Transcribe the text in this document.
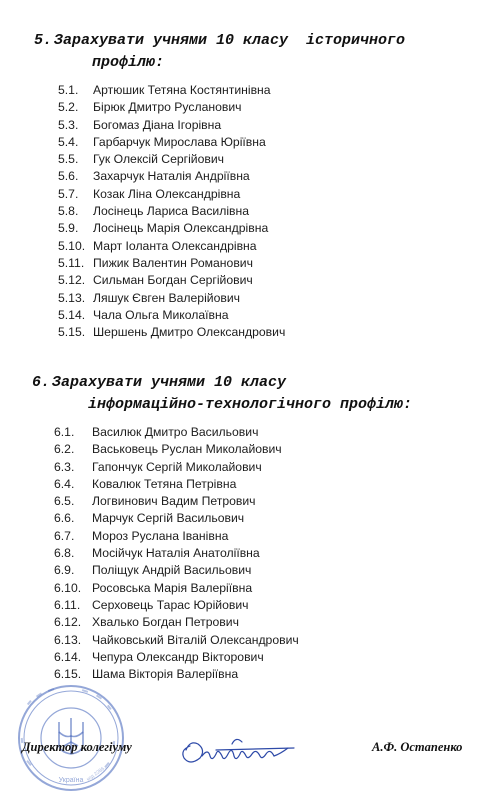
5. Зарахувати учнями 10 класу  історичного
профілю:

5.1. Артюшик Тетяна Костянтинівна
5.2. Бірюк Дмитро Русланович
5.3. Богомаз Діана Ігорівна
5.4. Гарбарчук Мирослава Юріївна
5.5. Гук Олексій Сергійович
5.6. Захарчук Наталія Андріївна
5.7. Козак Ліна Олександрівна
5.8. Лосінець Лариса Василівна
5.9. Лосінець Марія Олександрівна
5.10. Март Іоланта Олександрівна
5.11. Пижик Валентин Романович
5.12. Сильман Богдан Сергійович
5.13. Ляшук Євген Валерійович
5.14. Чала Ольга Миколаївна
5.15. Шершень Дмитро Олександрович

6. Зарахувати учнями 10 класу
інформаційно-технологічного профілю:

6.1. Василюк Дмитро Васильович
6.2. Васьковець Руслан Миколайович
6.3. Гапончук Сергій Миколайович
6.4. Ковалюк Тетяна Петрівна
6.5. Логвинович Вадим Петрович
6.6. Марчук Сергій Васильович
6.7. Мороз Руслана Іванівна
6.8. Мосійчук Наталія Анатоліївна
6.9. Поліщук Андрій Васильович
6.10. Росовська Марія Валеріївна
6.11. Серховець Тарас Юрійович
6.12. Хвалько Богдан Петрович
6.13. Чайковський Віталій Олександрович
6.14. Чепура Олександр Вікторович
6.15. Шама Вікторія Валеріївна
Україна код 2286...
Директор колегіуму	А.Ф. Остапенко
